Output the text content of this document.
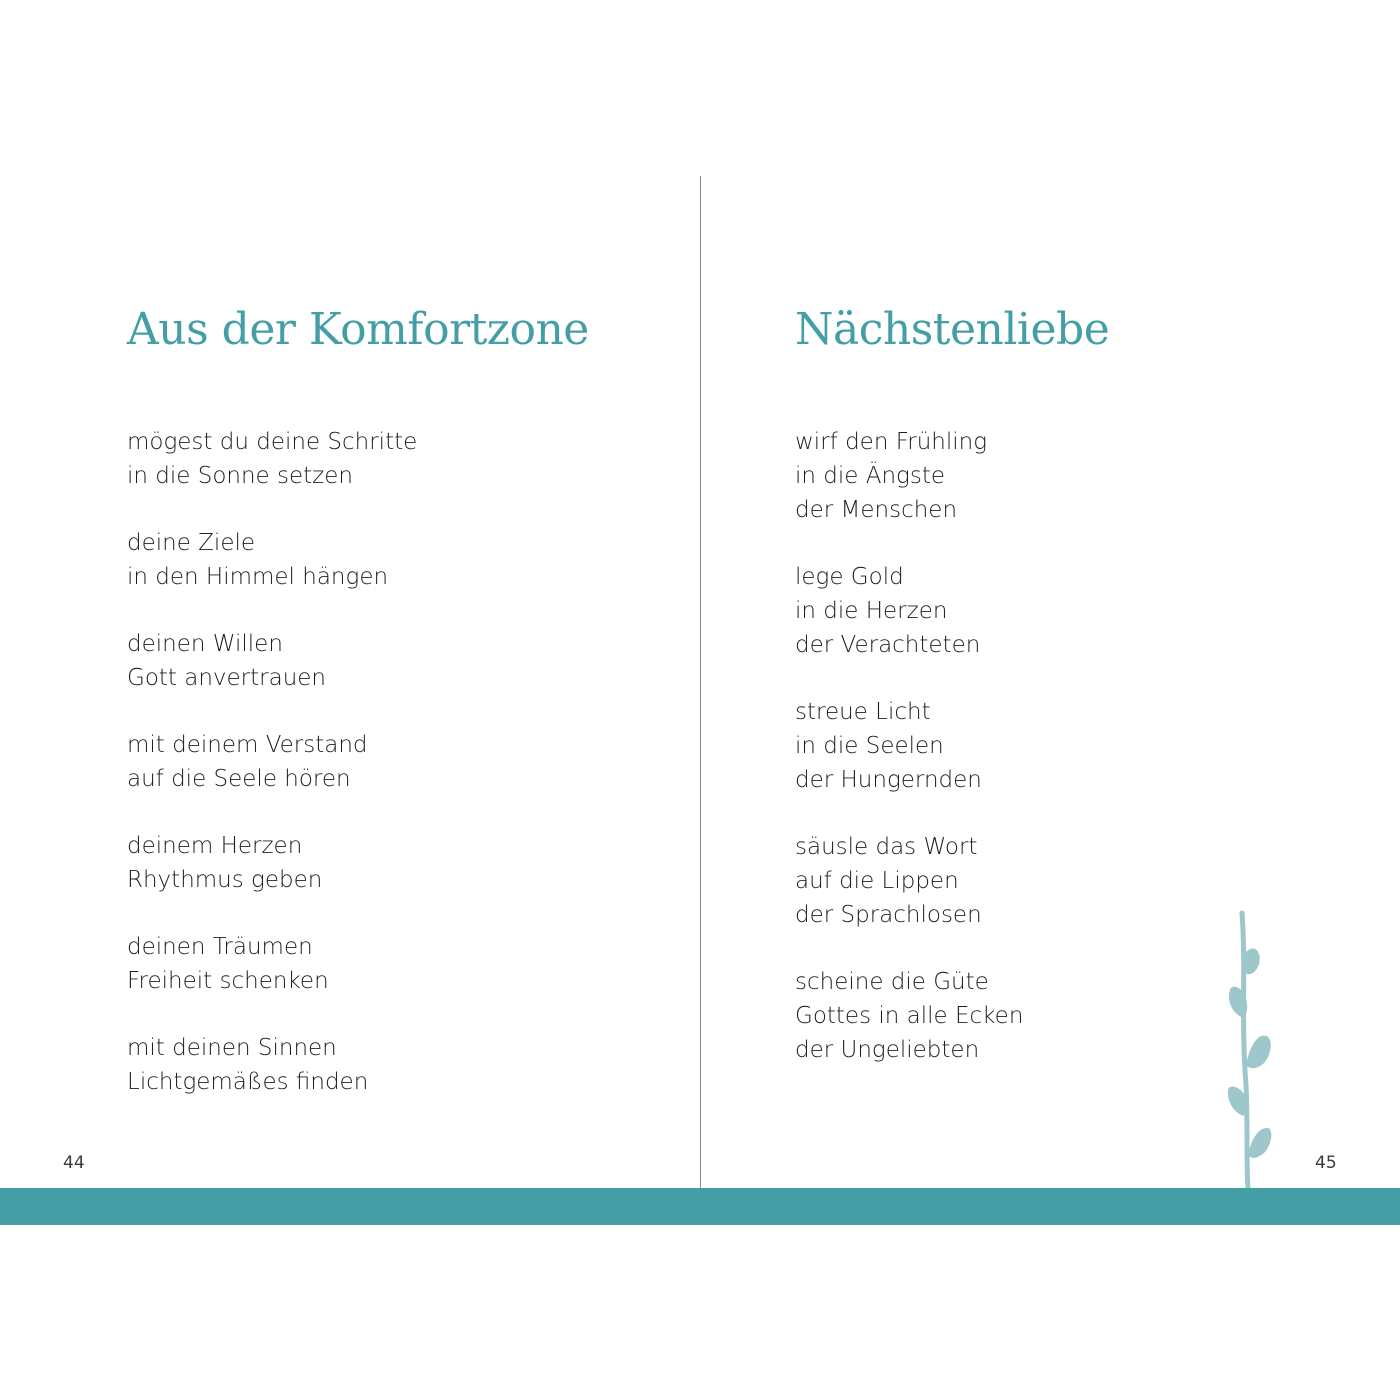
Aus der Komfortzone

mögest du deine Schritte
in die Sonne setzen

deine Ziele
in den Himmel hängen

deinen Willen
Gott anvertrauen

mit deinem Verstand
auf die Seele hören

deinem Herzen
Rhythmus geben

deinen Träumen
Freiheit schenken

mit deinen Sinnen
Lichtgemäßes finden

44
Nächstenliebe

wirf den Frühling
in die Ängste
der Menschen

lege Gold
in die Herzen
der Verachteten

streue Licht
in die Seelen
der Hungernden

säusle das Wort
auf die Lippen
der Sprachlosen

scheine die Güte
Gottes in alle Ecken
der Ungeliebten

45
